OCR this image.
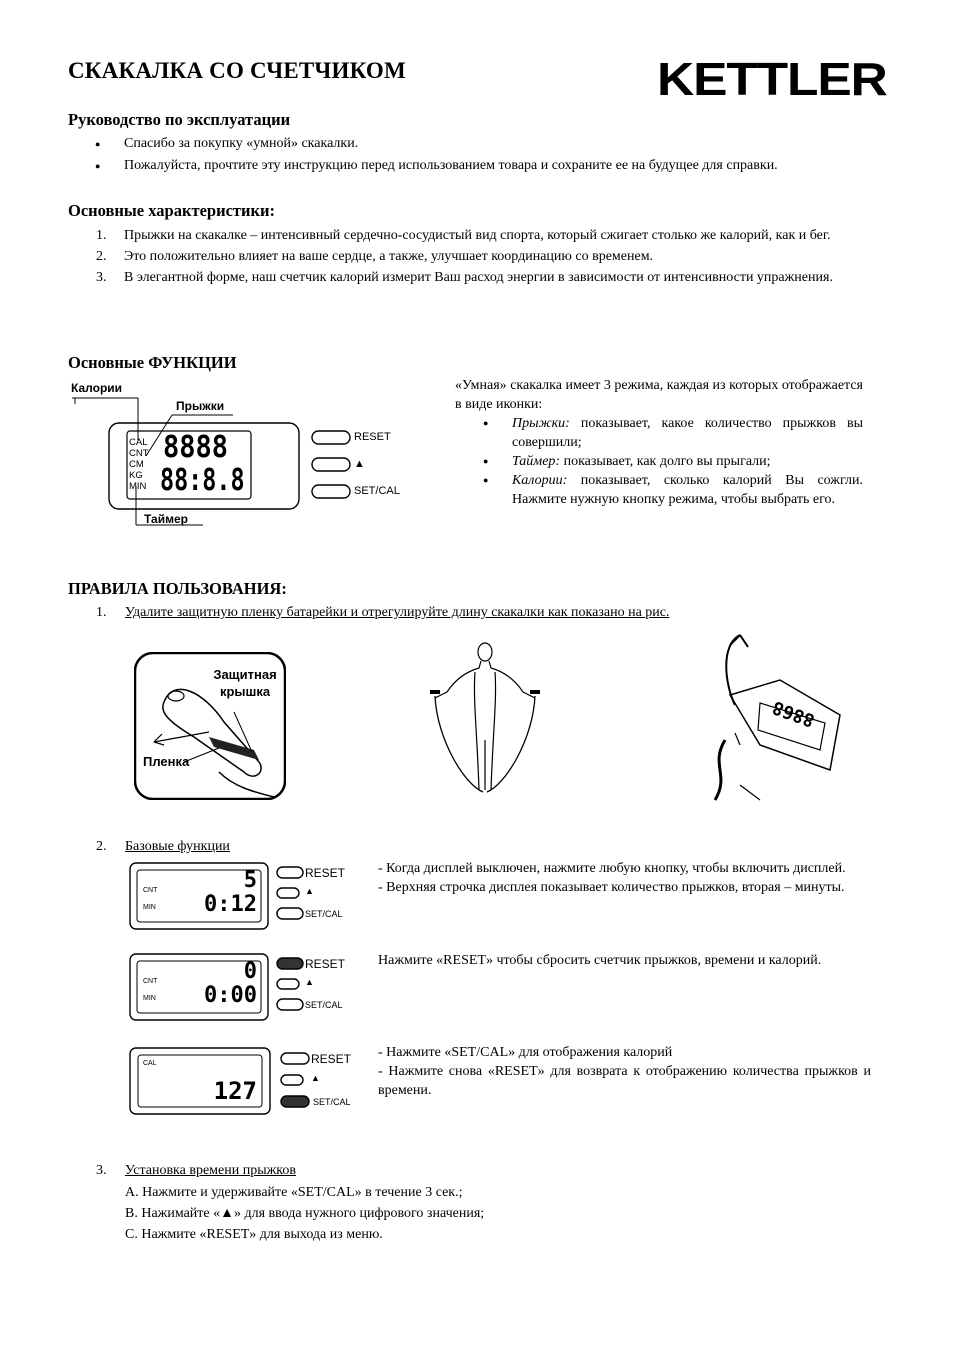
СКАКАЛКА СО СЧЕТЧИКОМ	KETTLER
Руководство по эксплуатации
● Спасибо за покупку «умной» скакалки.
● Пожалуйста, прочтите эту инструкцию перед использованием товара и сохраните ее на будущее для справки.
Основные характеристики:
1. Прыжки на скакалке – интенсивный сердечно-сосудистый вид спорта, который сжигает столько же калорий, как и бег.
2. Это положительно влияет на ваше сердце, а также, улучшает координацию со временем.
3. В элегантной форме, наш счетчик калорий измерит Ваш расход энергии в зависимости от интенсивности упражнения.
Основные ФУНКЦИИ
Калории
Прыжки
Таймер
CAL
CNT
CM
KG
MIN
8888
88:8.8
RESET
▲
SET/CAL
«Умная» скакалка имеет 3 режима, каждая из которых отображается в виде иконки:
● Прыжки: показывает, какое количество прыжков вы совершили;
● Таймер: показывает, как долго вы прыгали;
● Калории: показывает, сколько калорий Вы сожгли. Нажмите нужную кнопку режима, чтобы выбрать его.
ПРАВИЛА ПОЛЬЗОВАНИЯ:
1. Удалите защитную пленку батарейки и отрегулируйте длину скакалки как показано на рис.
Защитная крышка
Пленка
8868
2. Базовые функции
CNT
MIN
5
0:12
RESET
▲
SET/CAL
- Когда дисплей выключен, нажмите любую кнопку, чтобы включить дисплей.
- Верхняя строчка дисплея показывает количество прыжков, вторая – минуты.
CNT
MIN
0
0:00
RESET
▲
SET/CAL
Нажмите «RESET» чтобы сбросить счетчик прыжков, времени и калорий.
CAL
127
RESET
▲
SET/CAL
- Нажмите «SET/CAL» для отображения калорий
- Нажмите снова «RESET» для возврата к отображению количества прыжков и времени.
3. Установка времени прыжков
A. Нажмите и удерживайте «SET/CAL» в течение 3 сек.;
B. Нажимайте «▲» для ввода нужного цифрового значения;
C. Нажмите «RESET» для выхода из меню.
